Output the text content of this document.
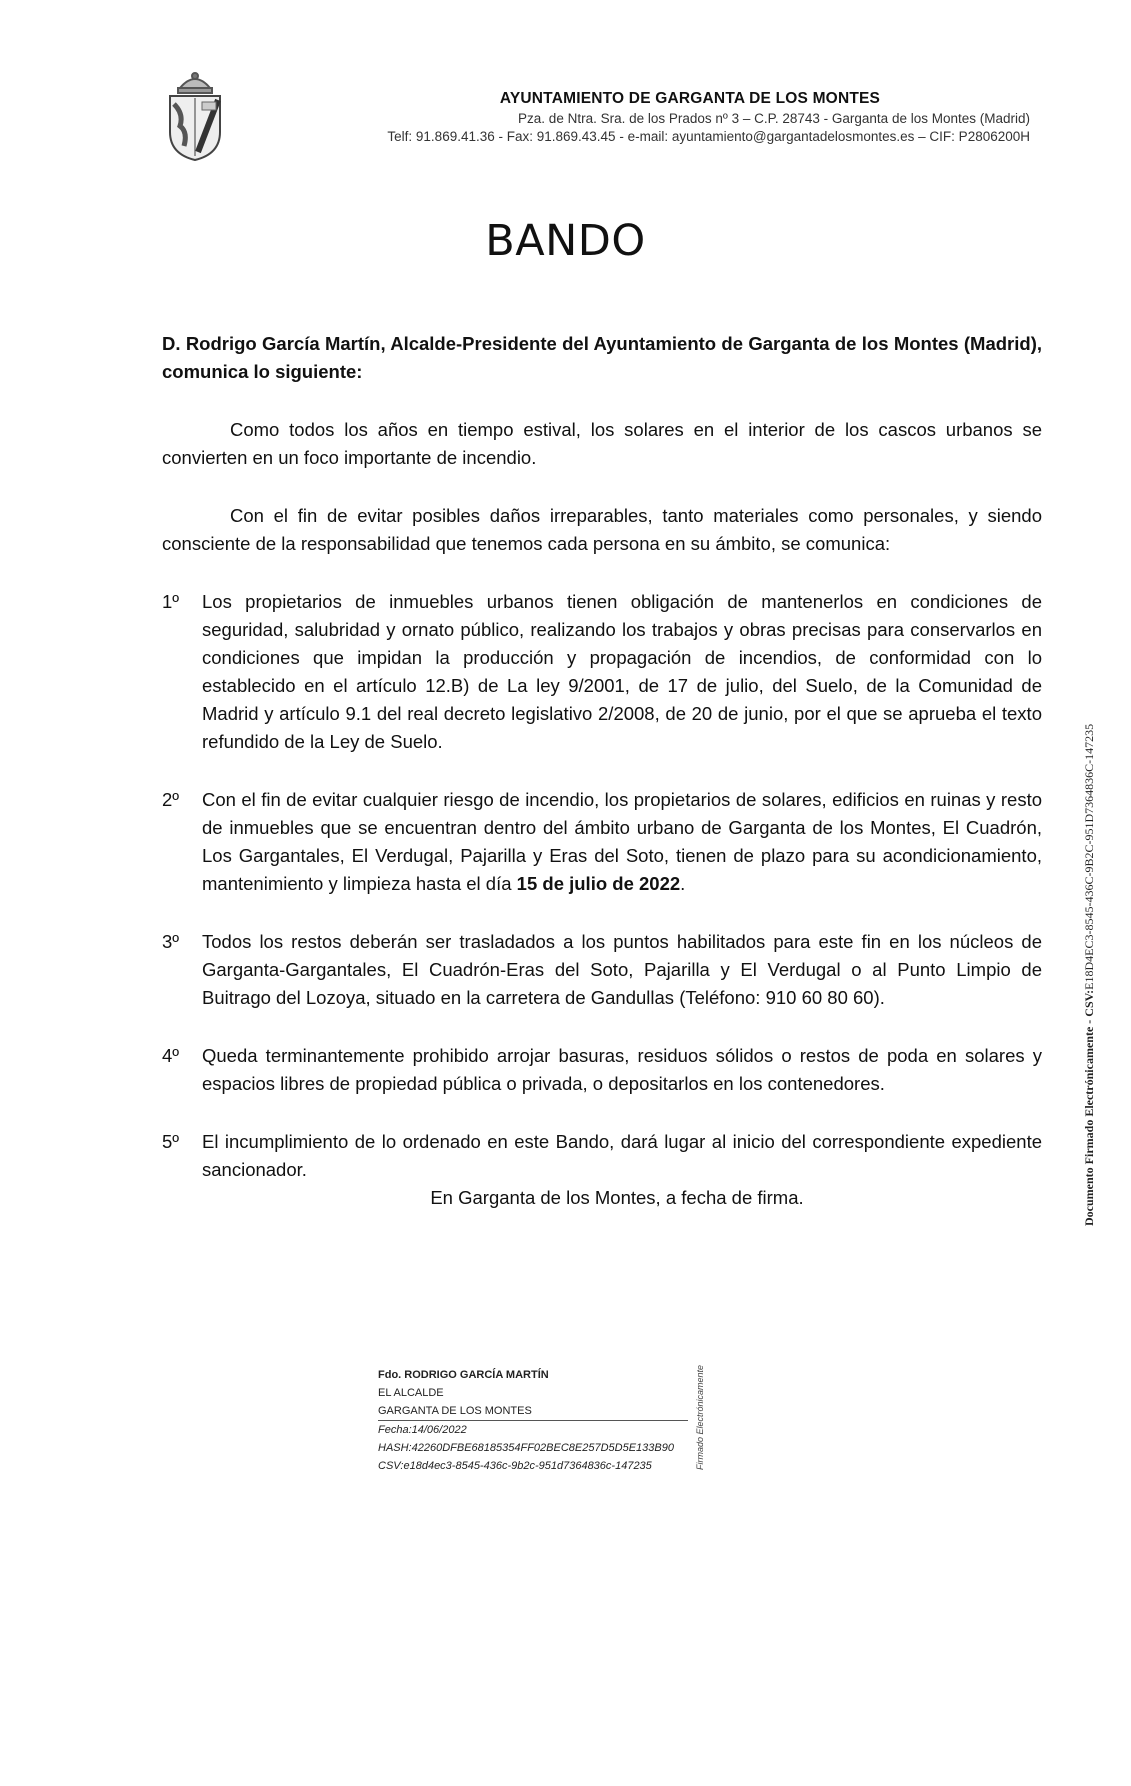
AYUNTAMIENTO DE GARGANTA DE LOS MONTES
Pza. de Ntra. Sra. de los Prados nº 3 – C.P. 28743 - Garganta de los Montes (Madrid)
Telf: 91.869.41.36 - Fax: 91.869.43.45 - e-mail: ayuntamiento@gargantadelosmontes.es – CIF: P2806200H
BANDO

D. Rodrigo García Martín, Alcalde-Presidente del Ayuntamiento de Garganta de los Montes (Madrid), comunica lo siguiente:

Como todos los años en tiempo estival, los solares en el interior de los cascos urbanos se convierten en un foco importante de incendio.

Con el fin de evitar posibles daños irreparables, tanto materiales como personales, y siendo consciente de la responsabilidad que tenemos cada persona en su ámbito, se comunica:

1º	Los propietarios de inmuebles urbanos tienen obligación de mantenerlos en condiciones de seguridad, salubridad y ornato público, realizando los trabajos y obras precisas para conservarlos en condiciones que impidan la producción y propagación de incendios, de conformidad con lo establecido en el artículo 12.B) de La ley 9/2001, de 17 de julio, del Suelo, de la Comunidad de Madrid y artículo 9.1 del real decreto legislativo 2/2008, de 20 de junio, por el que se aprueba el texto refundido de la Ley de Suelo.
2º	Con el fin de evitar cualquier riesgo de incendio, los propietarios de solares, edificios en ruinas y resto de inmuebles que se encuentran dentro del ámbito urbano de Garganta de los Montes, El Cuadrón, Los Gargantales, El Verdugal, Pajarilla y Eras del Soto, tienen de plazo para su acondicionamiento, mantenimiento y limpieza hasta el día 15 de julio de 2022.
3º	Todos los restos deberán ser trasladados a los puntos habilitados para este fin en los núcleos de Garganta-Gargantales, El Cuadrón-Eras del Soto, Pajarilla y El Verdugal o al Punto Limpio de Buitrago del Lozoya, situado en la carretera de Gandullas (Teléfono: 910 60 80 60).
4º	Queda terminantemente prohibido arrojar basuras, residuos sólidos o restos de poda en solares y espacios libres de propiedad pública o privada, o depositarlos en los contenedores.
5º	El incumplimiento de lo ordenado en este Bando, dará lugar al inicio del correspondiente expediente sancionador.

En Garganta de los Montes, a fecha de firma.

Fdo. RODRIGO GARCÍA MARTÍN
EL ALCALDE
GARGANTA DE LOS MONTES
Fecha:14/06/2022
HASH:42260DFBE68185354FF02BEC8E257D5D5E133B90
CSV:e18d4ec3-8545-436c-9b2c-951d7364836c-147235	Firmado Electrónicamente
Documento Firmado Electrónicamente - CSV:E18D4EC3-8545-436C-9B2C-951D7364836C-147235
